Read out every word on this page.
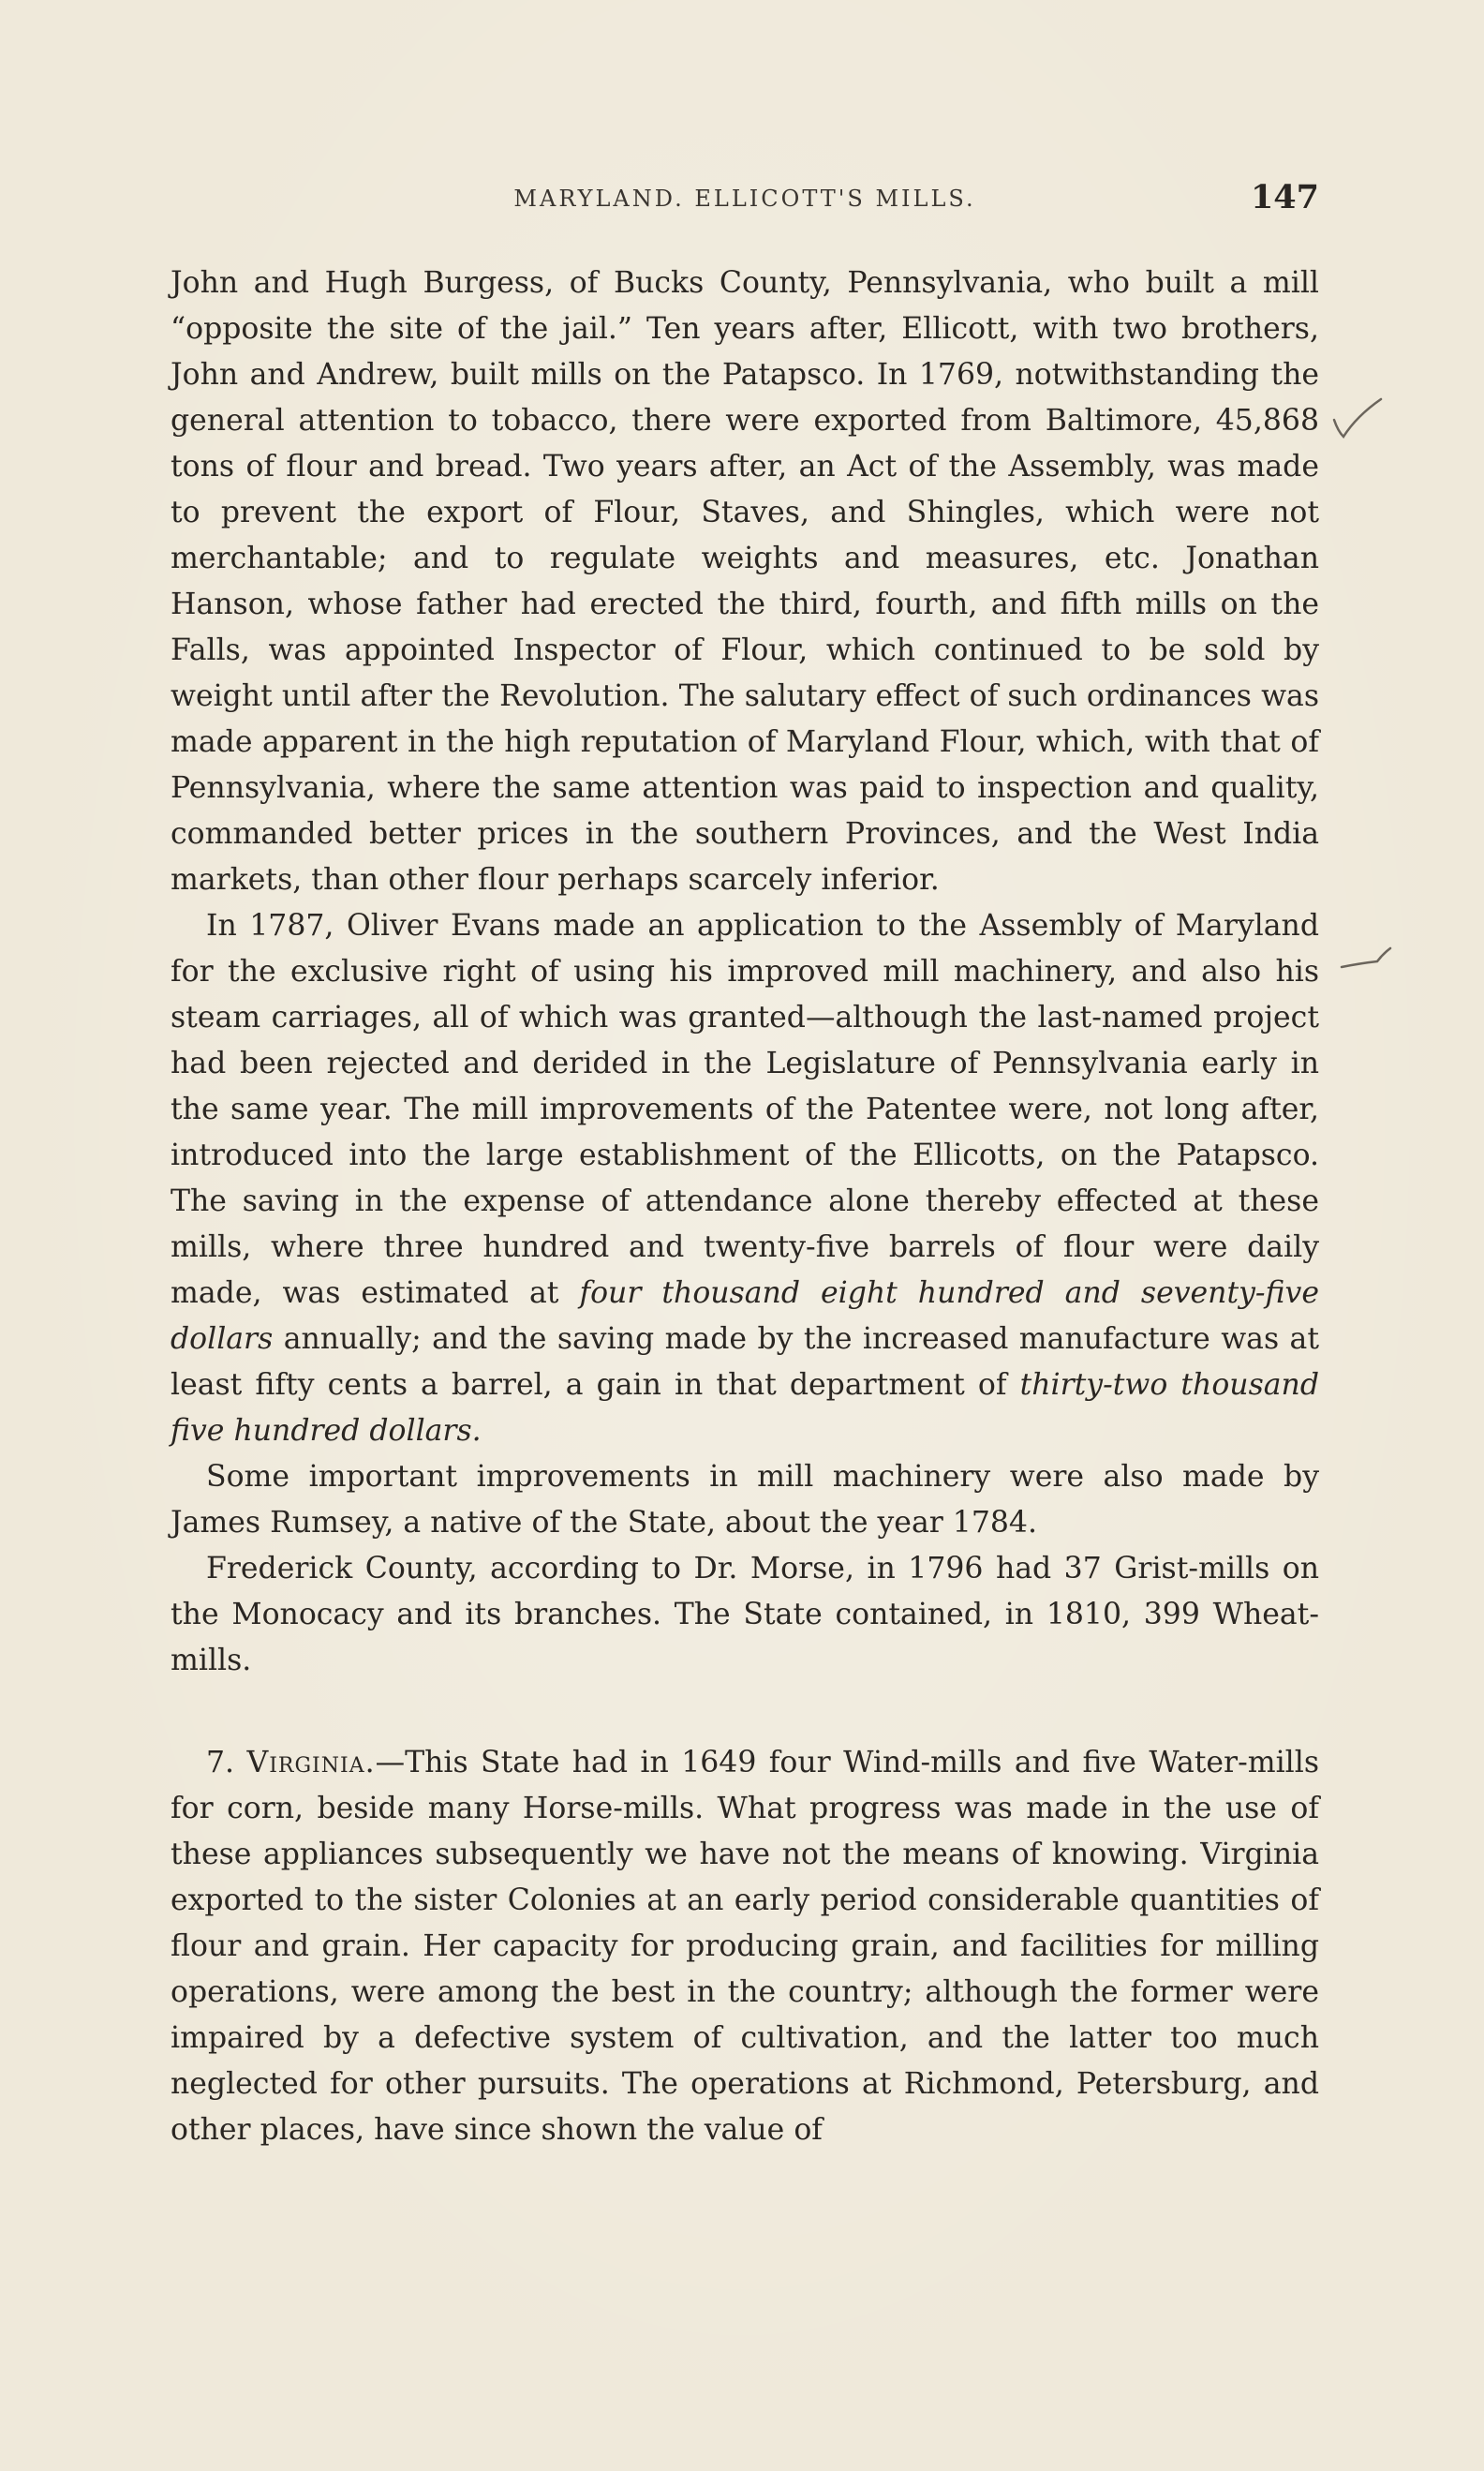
MARYLAND. ELLICOTT'S MILLS.	147

John and Hugh Burgess, of Bucks County, Pennsylvania, who built a mill “opposite the site of the jail.” Ten years after, Ellicott, with two brothers, John and Andrew, built mills on the Patapsco. In 1769, notwithstanding the general attention to tobacco, there were exported from Baltimore, 45,868 tons of flour and bread. Two years after, an Act of the Assembly, was made to prevent the export of Flour, Staves, and Shingles, which were not merchantable; and to regulate weights and measures, etc. Jonathan Hanson, whose father had erected the third, fourth, and fifth mills on the Falls, was appointed Inspector of Flour, which continued to be sold by weight until after the Revolution. The salutary effect of such ordinances was made apparent in the high reputation of Maryland Flour, which, with that of Pennsylvania, where the same attention was paid to inspection and quality, commanded better prices in the southern Provinces, and the West India markets, than other flour perhaps scarcely inferior.

In 1787, Oliver Evans made an application to the Assembly of Maryland for the exclusive right of using his improved mill machinery, and also his steam carriages, all of which was granted—although the last-named project had been rejected and derided in the Legislature of Pennsylvania early in the same year. The mill improvements of the Patentee were, not long after, introduced into the large establishment of the Ellicotts, on the Patapsco. The saving in the expense of attendance alone thereby effected at these mills, where three hundred and twenty-five barrels of flour were daily made, was estimated at four thousand eight hundred and seventy-five dollars annually; and the saving made by the increased manufacture was at least fifty cents a barrel, a gain in that department of thirty-two thousand five hundred dollars.

Some important improvements in mill machinery were also made by James Rumsey, a native of the State, about the year 1784.

Frederick County, according to Dr. Morse, in 1796 had 37 Grist-mills on the Monocacy and its branches. The State contained, in 1810, 399 Wheat-mills.

7. Virginia.—This State had in 1649 four Wind-mills and five Water-mills for corn, beside many Horse-mills. What progress was made in the use of these appliances subsequently we have not the means of knowing. Virginia exported to the sister Colonies at an early period considerable quantities of flour and grain. Her capacity for producing grain, and facilities for milling operations, were among the best in the country; although the former were impaired by a defective system of cultivation, and the latter too much neglected for other pursuits. The operations at Richmond, Petersburg, and other places, have since shown the value of
